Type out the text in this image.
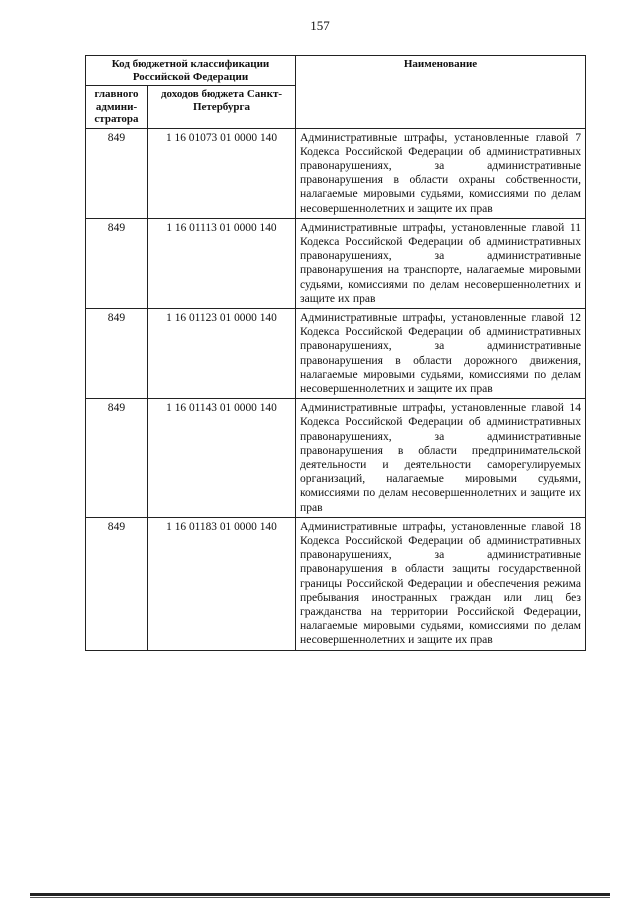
157
Код бюджетной классификации Российской Федерации		Наименование
главного админи-стратора	доходов бюджета Санкт-Петербурга	
849	1 16 01073 01 0000 140	Административные штрафы, установленные главой 7 Кодекса Российской Федерации об административных правонарушениях, за административные правонарушения в области охраны собственности, налагаемые мировыми судьями, комиссиями по делам несовершеннолетних и защите их прав
849	1 16 01113 01 0000 140	Административные штрафы, установленные главой 11 Кодекса Российской Федерации об административных правонарушениях, за административные правонарушения на транспорте, налагаемые мировыми судьями, комиссиями по делам несовершеннолетних и защите их прав
849	1 16 01123 01 0000 140	Административные штрафы, установленные главой 12 Кодекса Российской Федерации об административных правонарушениях, за административные правонарушения в области дорожного движения, налагаемые мировыми судьями, комиссиями по делам несовершеннолетних и защите их прав
849	1 16 01143 01 0000 140	Административные штрафы, установленные главой 14 Кодекса Российской Федерации об административных правонарушениях, за административные правонарушения в области предпринимательской деятельности и деятельности саморегулируемых организаций, налагаемые мировыми судьями, комиссиями по делам несовершеннолетних и защите их прав
849	1 16 01183 01 0000 140	Административные штрафы, установленные главой 18 Кодекса Российской Федерации об административных правонарушениях, за административные правонарушения в области защиты государственной границы Российской Федерации и обеспечения режима пребывания иностранных граждан или лиц без гражданства на территории Российской Федерации, налагаемые мировыми судьями, комиссиями по делам несовершеннолетних и защите их прав
